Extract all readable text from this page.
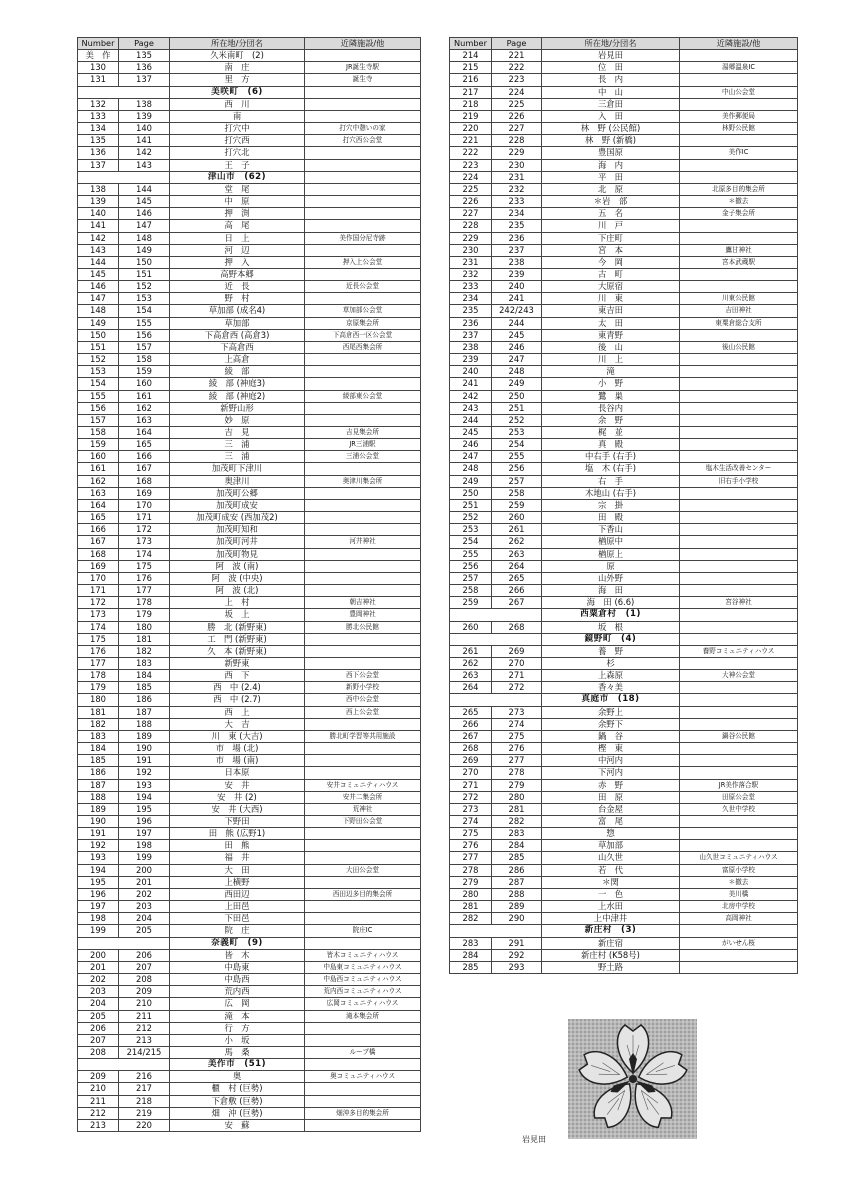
Number	Page	所在地/分団名	近隣施設/他
美　作	135	久米南町　(2)	
130	136	南　庄	JR誕生寺駅
131	137	里　方	誕生寺
		美咲町　(6)	
132	138	西　川	
133	139	南	
134	140	打穴中	打穴中憩いの家
135	141	打穴西	打穴西公会堂
136	142	打穴北	
137	143	王　子	
		津山市　(62)	
138	144	堂　尾	
139	145	中　原	
140	146	押　渕	
141	147	高　尾	
142	148	日　上	美作国分尼寺跡
143	149	河　辺	
144	150	押　入	押入上公会堂
145	151	高野本郷	
146	152	近　長	近長公会堂
147	153	野　村	
148	154	草加部 (成名4)	草加部公会堂
149	155	草加部	京原集会所
150	156	下高倉西 (高倉3)	下高倉西一区公会堂
151	157	下高倉西	西尾西集会所
152	158	上高倉	
153	159	綾　部	
154	160	綾　部 (神庭3)	
155	161	綾　部 (神庭2)	綾部東公会堂
156	162	新野山形	
157	163	妙　原	
158	164	吉　見	吉見集会所
159	165	三　浦	JR三浦駅
160	166	三　浦	三浦公会堂
161	167	加茂町下津川	
162	168	奥津川	奥津川集会所
163	169	加茂町公郷	
164	170	加茂町成安	
165	171	加茂町成安 (西加茂2)	
166	172	加茂町知和	
167	173	加茂町河井	河井神社
168	174	加茂町物見	
169	175	阿　波 (南)	
170	176	阿　波 (中央)	
171	177	阿　波 (北)	
172	178	上　村	朝吉神社
173	179	坂　上	豊岡神社
174	180	勝　北 (新野東)	勝北公民館
175	181	工　門 (新野東)	
176	182	久　本 (新野東)	
177	183	新野東	
178	184	西　下	西下公会堂
179	185	西　中 (2.4)	新野小学校
180	186	西　中 (2.7)	西中公会堂
181	187	西　上	西上公会堂
182	188	大　吉	
183	189	川　東 (大吉)	勝北町学習等共用施設
184	190	市　場 (北)	
185	191	市　場 (南)	
186	192	日本原	
187	193	安　井	安井コミュニティハウス
188	194	安　井 (2)	安井二集会所
189	195	安　井 (大西)	荒神社
190	196	下野田	下野田公会堂
191	197	田　熊 (広野1)	
192	198	田　熊	
193	199	福　井	
194	200	大　田	大田公会堂
195	201	上横野	
196	202	西田辺	西田辺多目的集会所
197	203	上田邑	
198	204	下田邑	
199	205	院　庄	院庄IC
		奈義町　(9)	
200	206	皆　木	皆木コミュニティハウス
201	207	中島東	中島東コミュニティハウス
202	208	中島西	中島西コミュニティハウス
203	209	荒内西	荒内西コミュニティハウス
204	210	広　岡	広岡コミュニティハウス
205	211	滝　本	滝本集会所
206	212	行　方	
207	213	小　坂	
208	214/215	馬　桑	ループ橋
		美作市　(51)	
209	216	奥	奥コミュニティハウス
210	217	櫃　村 (巨勢)	
211	218	下倉敷 (巨勢)	
212	219	畑　沖 (巨勢)	畑沖多目的集会所
213	220	安　蘇	
Number	Page	所在地/分団名	近隣施設/他
214	221	岩見田	
215	222	位　田	湯郷温泉IC
216	223	長　内	
217	224	中　山	中山公会堂
218	225	三倉田	
219	226	入　田	美作郵便局
220	227	林　野 (公民館)	林野公民館
221	228	林　野 (新橋)	
222	229	豊国原	美作IC
223	230	海　内	
224	231	平　田	
225	232	北　原	北原多目的集会所
226	233	＊岩　部	＊撤去
227	234	五　名	金子集会所
228	235	川　戸	
229	236	下庄町	
230	237	宮　本	鷹甘神社
231	238	今　岡	宮本武蔵駅
232	239	古　町	
233	240	大原宿	
234	241	川　東	川東公民館
235	242/243	東吉田	吉田神社
236	244	太　田	東粟倉総合支所
237	245	東青野	
238	246	後　山	後山公民館
239	247	川　上	
240	248	滝	
241	249	小　野	
242	250	鷺　巣	
243	251	長谷内	
244	252	余　野	
245	253	梶　並	
246	254	真　殿	
247	255	中右手 (右手)	
248	256	塩　木 (右手)	塩木生活改善センター
249	257	右　手	旧右手小学校
250	258	木地山 (右手)	
251	259	宗　掛	
252	260	田　殿	
253	261	下香山	
254	262	楢原中	
255	263	楢原上	
256	264	原	
257	265	山外野	
258	266	海　田	
259	267	海　田 (6.6)	宮谷神社
		西粟倉村　(1)	
260	268	坂　根	
		鏡野町　(4)	
261	269	養　野	養野コミュニティハウス
262	270	杉	
263	271	上森原	大神公会堂
264	272	香々美	
		真庭市　(18)	
265	273	余野上	
266	274	余野下	
267	275	鍋　谷	鍋谷公民館
268	276	樫　東	
269	277	中河内	
270	278	下河内	
271	279	赤　野	JR美作落合駅
272	280	田　原	田原公会堂
273	281	台金屋	久世中学校
274	282	富　尾	
275	283	惣	
276	284	草加部	
277	285	山久世	山久世コミュニティハウス
278	286	若　代	富原小学校
279	287	＊関	＊撤去
280	288	一　色	美川橋
281	289	上水田	北房中学校
282	290	上中津井	高岡神社
		新庄村　(3)	
283	291	新庄宿	がいせん桜
284	292	新庄村 (K58号)	
285	293	野土路	
岩見田
